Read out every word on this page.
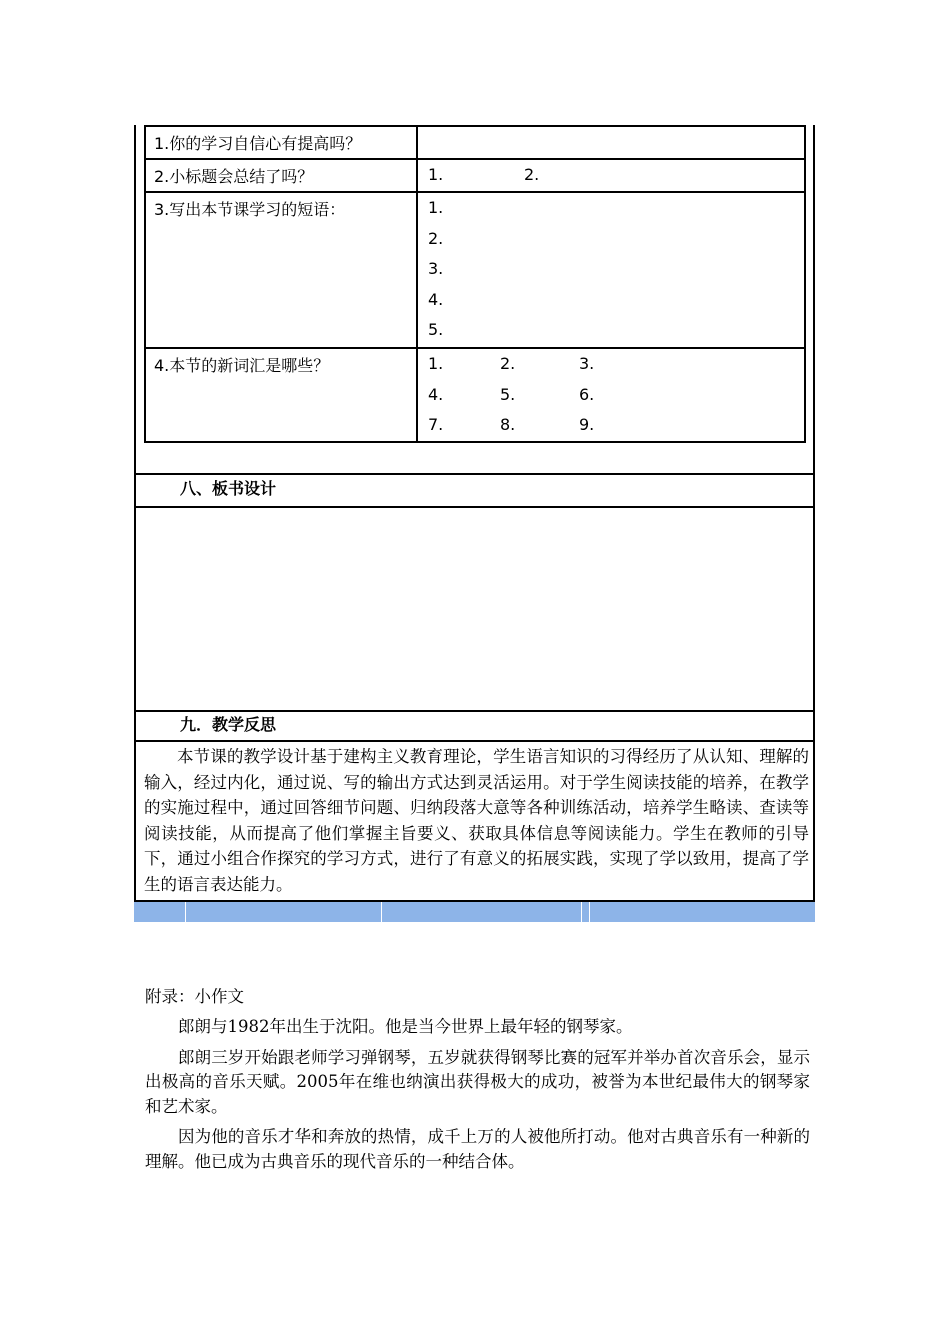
1.你的学习自信心有提高吗？
2.小标题会总结了吗？	1.	2.
3.写出本节课学习的短语：	1.
2.
3.
4.
5.
4.本节的新词汇是哪些？	1.	2.	3.
4.	5.	6.
7.	8.	9.
八、板书设计
九．教学反思
本节课的教学设计基于建构主义教育理论，学生语言知识的习得经历了从认知、理解的输入，经过内化，通过说、写的输出方式达到灵活运用。对于学生阅读技能的培养，在教学的实施过程中，通过回答细节问题、归纳段落大意等各种训练活动，培养学生略读、查读等阅读技能，从而提高了他们掌握主旨要义、获取具体信息等阅读能力。学生在教师的引导下，通过小组合作探究的学习方式，进行了有意义的拓展实践，实现了学以致用，提高了学生的语言表达能力。
附录：小作文

郎朗与1982年出生于沈阳。他是当今世界上最年轻的钢琴家。

郎朗三岁开始跟老师学习弹钢琴，五岁就获得钢琴比赛的冠军并举办首次音乐会，显示出极高的音乐天赋。2005年在维也纳演出获得极大的成功，被誉为本世纪最伟大的钢琴家和艺术家。

因为他的音乐才华和奔放的热情，成千上万的人被他所打动。他对古典音乐有一种新的理解。他已成为古典音乐的现代音乐的一种结合体。
